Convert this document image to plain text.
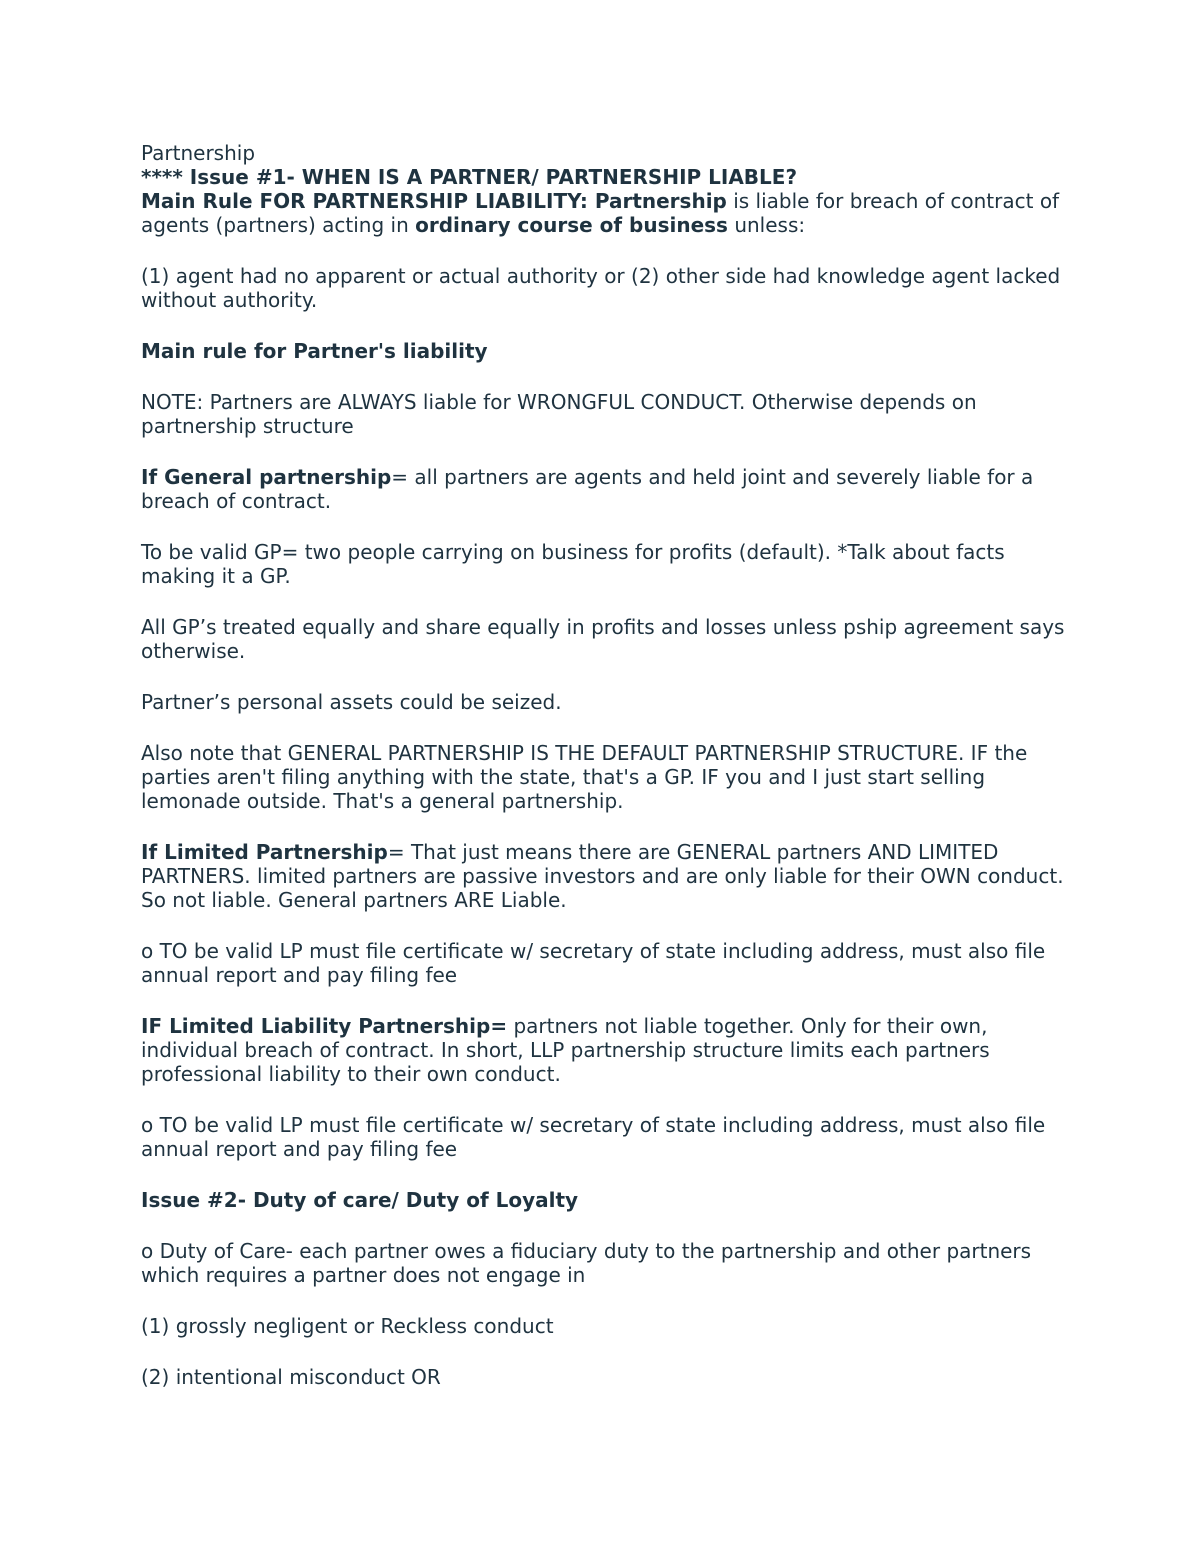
Partnership

**** Issue #1- WHEN IS A PARTNER/ PARTNERSHIP LIABLE?

Main Rule FOR PARTNERSHIP LIABILITY: Partnership is liable for breach of contract of agents (partners) acting in ordinary course of business unless:

(1) agent had no apparent or actual authority or (2) other side had knowledge agent lacked without authority.

Main rule for Partner's liability

NOTE: Partners are ALWAYS liable for WRONGFUL CONDUCT. Otherwise depends on partnership structure

If General partnership= all partners are agents and held joint and severely liable for a breach of contract.

To be valid GP= two people carrying on business for profits (default). *Talk about facts making it a GP.

All GP’s treated equally and share equally in profits and losses unless pship agreement says otherwise.

Partner’s personal assets could be seized.

Also note that GENERAL PARTNERSHIP IS THE DEFAULT PARTNERSHIP STRUCTURE. IF the parties aren't filing anything with the state, that's a GP. IF you and I just start selling lemonade outside. That's a general partnership.

If Limited Partnership= That just means there are GENERAL partners AND LIMITED PARTNERS. limited partners are passive investors and are only liable for their OWN conduct. So not liable. General partners ARE Liable.

o TO be valid LP must file certificate w/ secretary of state including address, must also file annual report and pay filing fee

IF Limited Liability Partnership= partners not liable together. Only for their own, individual breach of contract. In short, LLP partnership structure limits each partners professional liability to their own conduct.

o TO be valid LP must file certificate w/ secretary of state including address, must also file annual report and pay filing fee

Issue #2- Duty of care/ Duty of Loyalty

o Duty of Care- each partner owes a fiduciary duty to the partnership and other partners which requires a partner does not engage in

(1) grossly negligent or Reckless conduct

(2) intentional misconduct OR
